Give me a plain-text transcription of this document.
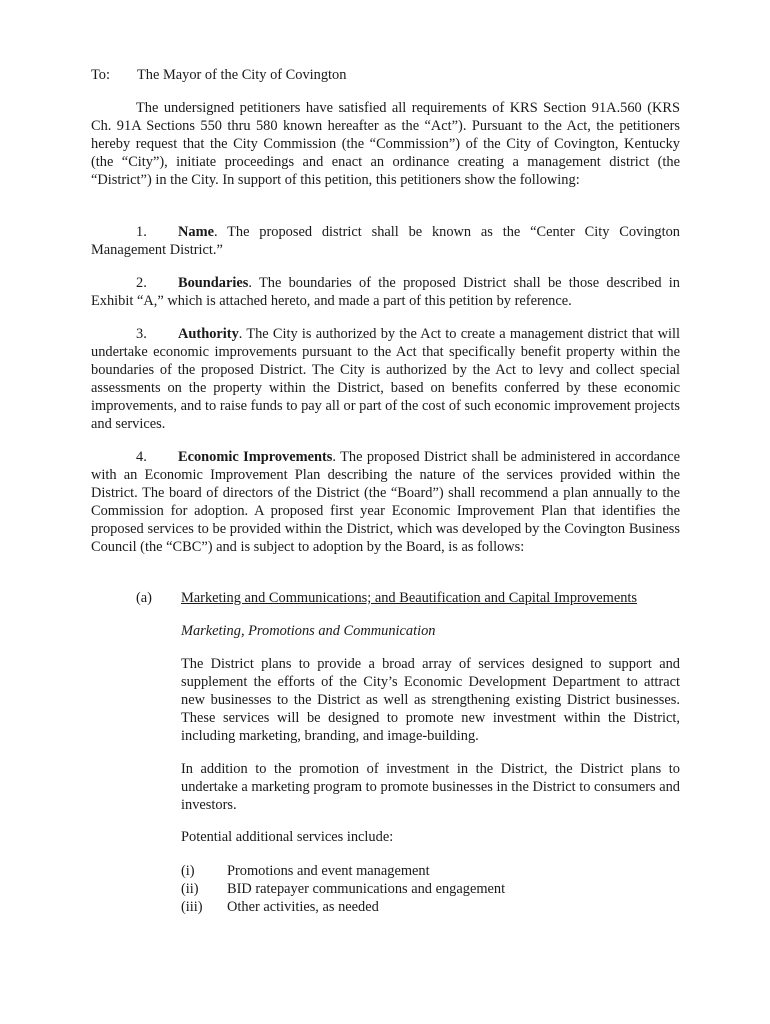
To: The Mayor of the City of Covington

The undersigned petitioners have satisfied all requirements of KRS Section 91A.560 (KRS Ch. 91A Sections 550 thru 580 known hereafter as the “Act”). Pursuant to the Act, the petitioners hereby request that the City Commission (the “Commission”) of the City of Covington, Kentucky (the “City”), initiate proceedings and enact an ordinance creating a management district (the “District”) in the City. In support of this petition, this petitioners show the following:

1. Name. The proposed district shall be known as the “Center City Covington Management District.”

2. Boundaries. The boundaries of the proposed District shall be those described in Exhibit “A,” which is attached hereto, and made a part of this petition by reference.

3. Authority. The City is authorized by the Act to create a management district that will undertake economic improvements pursuant to the Act that specifically benefit property within the boundaries of the proposed District. The City is authorized by the Act to levy and collect special assessments on the property within the District, based on benefits conferred by these economic improvements, and to raise funds to pay all or part of the cost of such economic improvement projects and services.

4. Economic Improvements. The proposed District shall be administered in accordance with an Economic Improvement Plan describing the nature of the services provided within the District. The board of directors of the District (the “Board”) shall recommend a plan annually to the Commission for adoption. A proposed first year Economic Improvement Plan that identifies the proposed services to be provided within the District, which was developed by the Covington Business Council (the “CBC”) and is subject to adoption by the Board, is as follows:

(a) Marketing and Communications; and Beautification and Capital Improvements

Marketing, Promotions and Communication

The District plans to provide a broad array of services designed to support and supplement the efforts of the City’s Economic Development Department to attract new businesses to the District as well as strengthening existing District businesses. These services will be designed to promote new investment within the District, including marketing, branding, and image-building.

In addition to the promotion of investment in the District, the District plans to undertake a marketing program to promote businesses in the District to consumers and investors.

Potential additional services include:

(i) Promotions and event management

(ii) BID ratepayer communications and engagement

(iii) Other activities, as needed
